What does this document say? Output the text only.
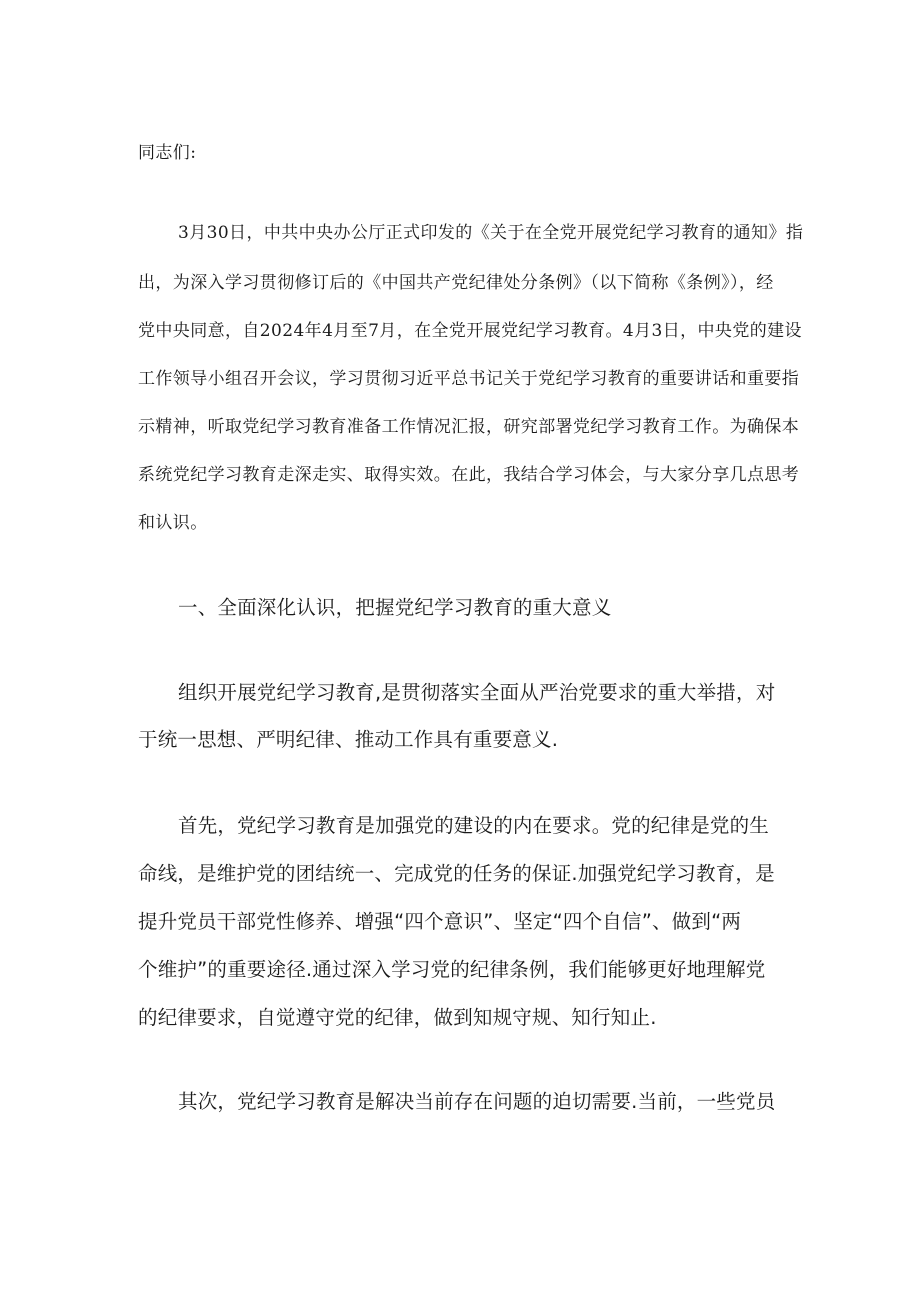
同志们:

3月30日，中共中央办公厅正式印发的《关于在全党开展党纪学习教育的通知》指

出，为深入学习贯彻修订后的《中国共产党纪律处分条例》（以下简称《条例》），经

党中央同意，自2024年4月至7月，在全党开展党纪学习教育。4月3日，中央党的建设

工作领导小组召开会议，学习贯彻习近平总书记关于党纪学习教育的重要讲话和重要指

示精神，听取党纪学习教育准备工作情况汇报，研究部署党纪学习教育工作。为确保本

系统党纪学习教育走深走实、取得实效。在此，我结合学习体会，与大家分享几点思考

和认识。

一、全面深化认识，把握党纪学习教育的重大意义

组织开展党纪学习教育,是贯彻落实全面从严治党要求的重大举措，对

于统一思想、严明纪律、推动工作具有重要意义.

首先，党纪学习教育是加强党的建设的内在要求。党的纪律是党的生

命线，是维护党的团结统一、完成党的任务的保证.加强党纪学习教育，是

提升党员干部党性修养、增强“四个意识”、坚定“四个自信”、做到“两

个维护”的重要途径.通过深入学习党的纪律条例，我们能够更好地理解党

的纪律要求，自觉遵守党的纪律，做到知规守规、知行知止.

其次，党纪学习教育是解决当前存在问题的迫切需要.当前，一些党员
